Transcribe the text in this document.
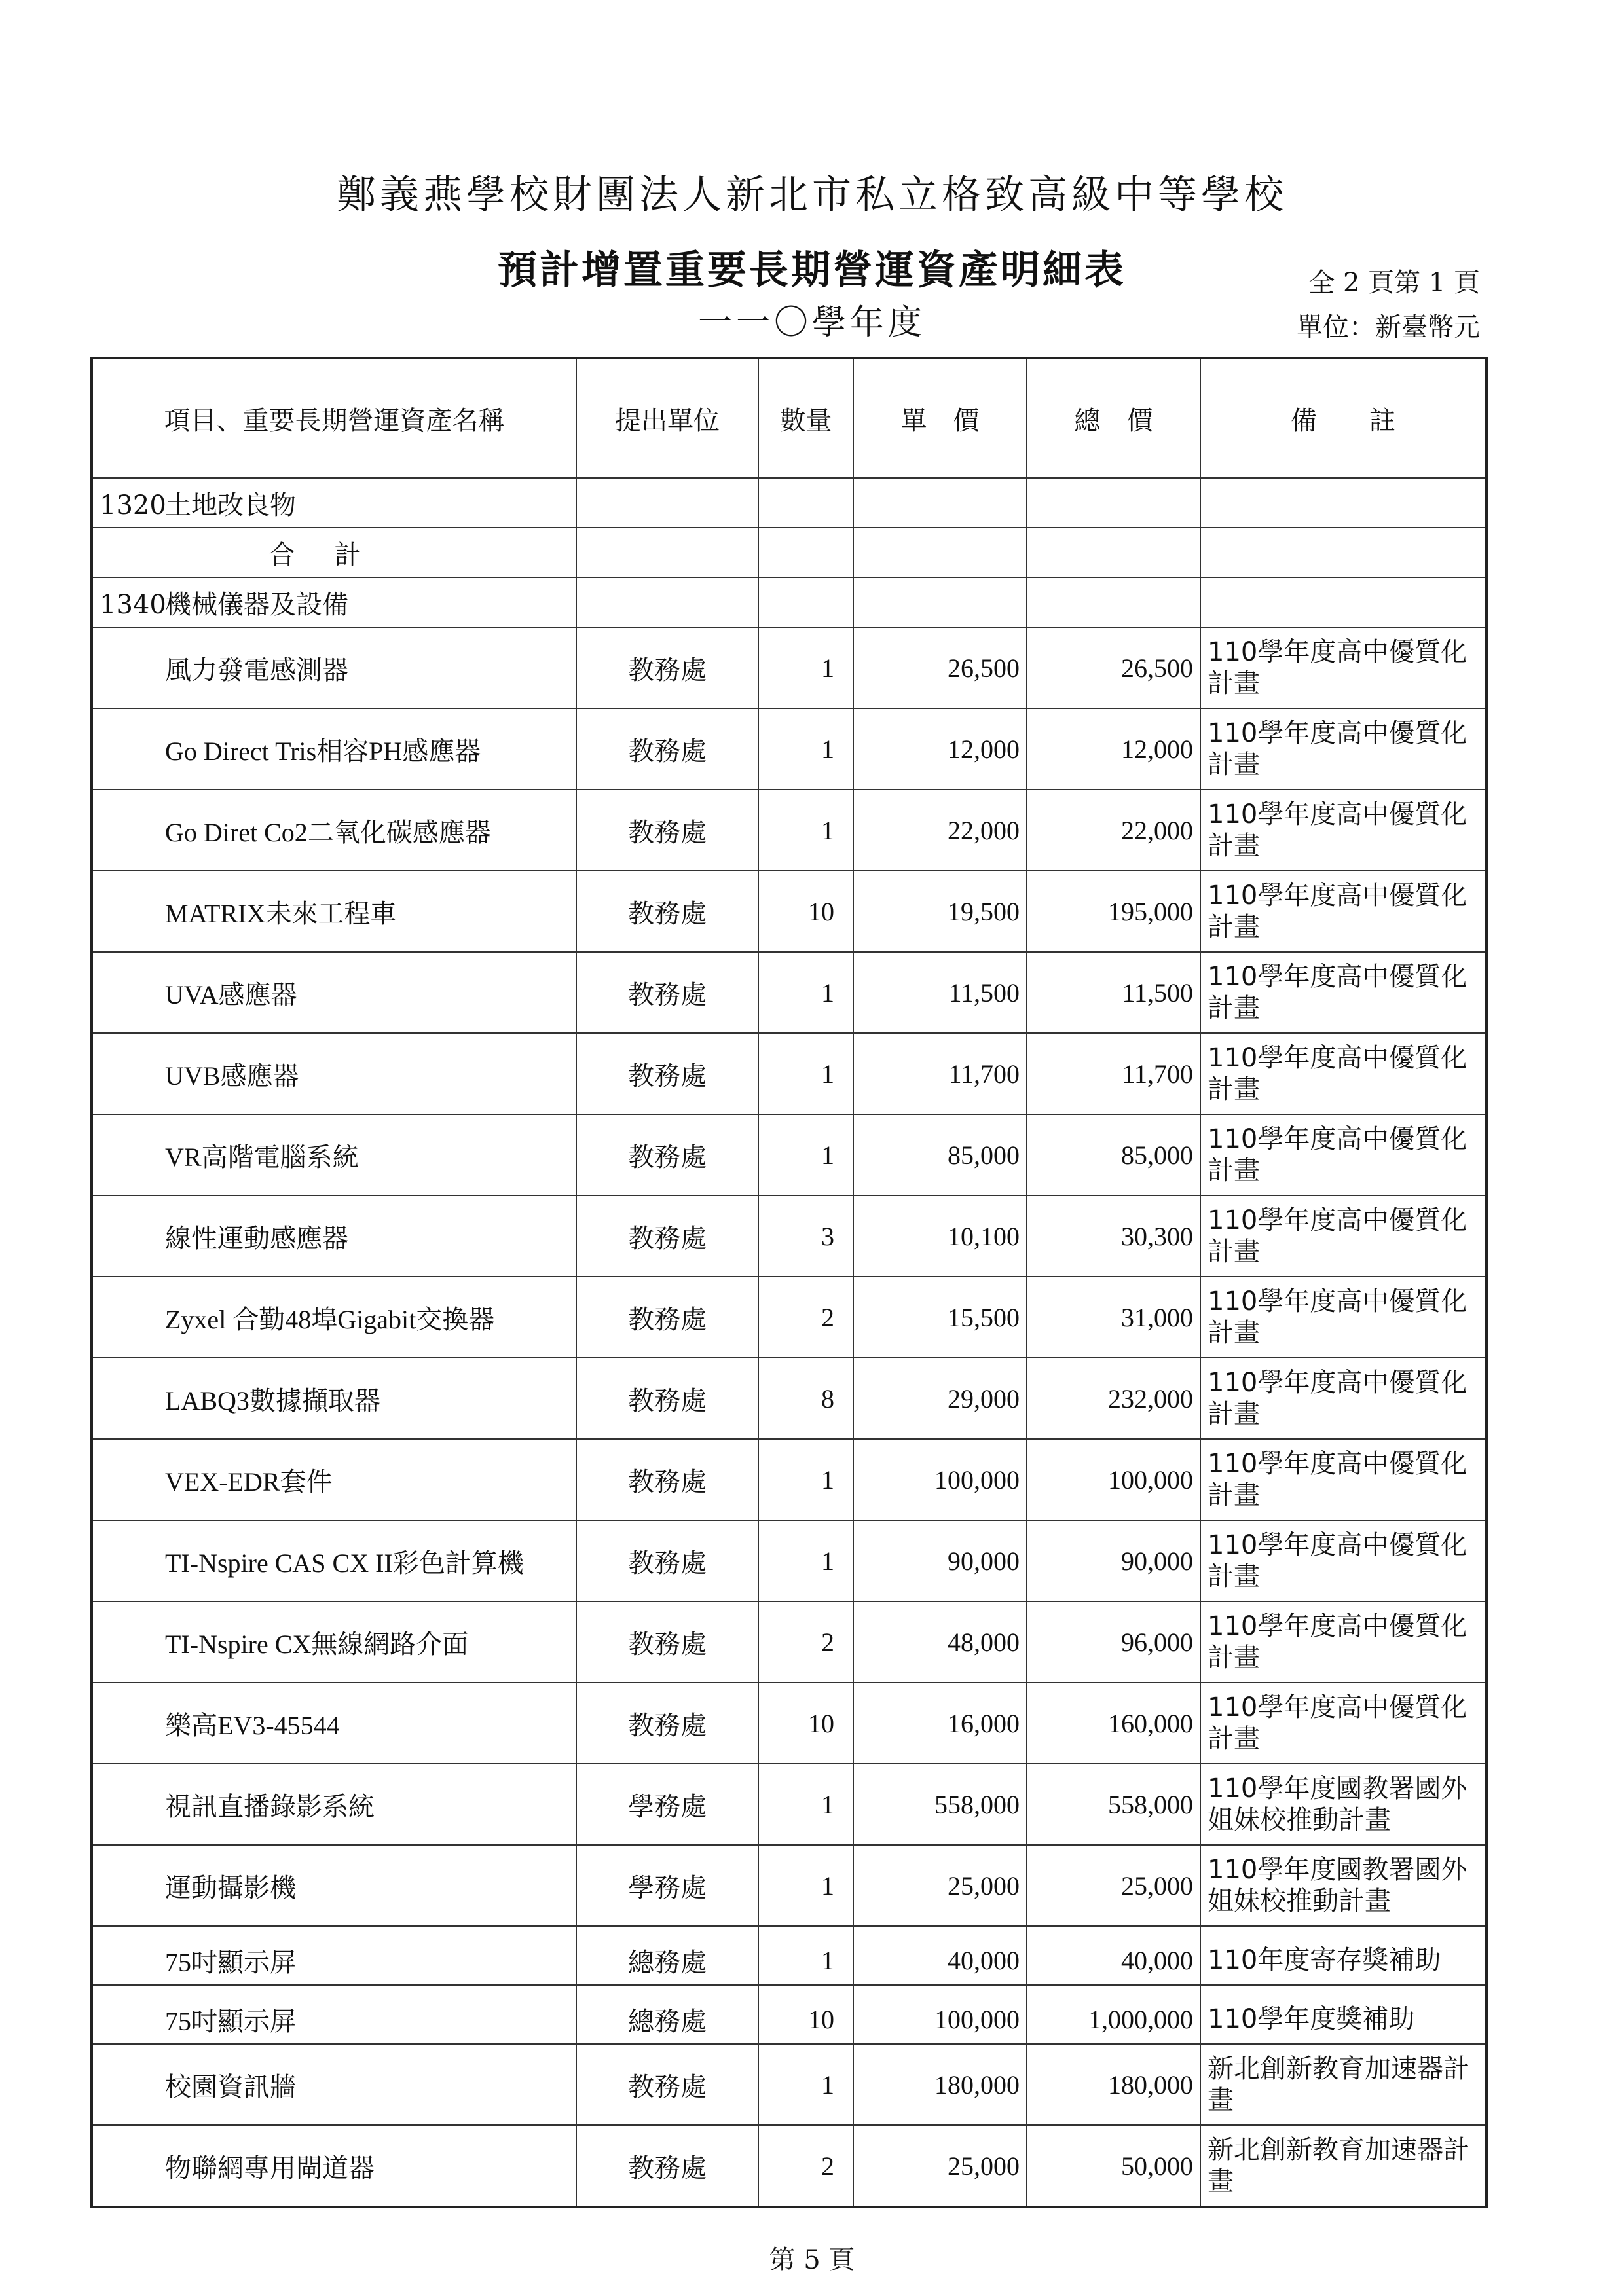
鄭義燕學校財團法人新北市私立格致高級中等學校
預計增置重要長期營運資產明細表
一一〇學年度
全 2 頁第 1 頁
單位：新臺幣元
項目、重要長期營運資產名稱	提出單位	數量	單　價	總　價	備　　註
1320土地改良物					
合計					
1340機械儀器及設備					
風力發電感測器	教務處	1	26,500	26,500	110學年度高中優質化計畫
Go Direct Tris相容PH感應器	教務處	1	12,000	12,000	110學年度高中優質化計畫
Go Diret Co2二氧化碳感應器	教務處	1	22,000	22,000	110學年度高中優質化計畫
MATRIX未來工程車	教務處	10	19,500	195,000	110學年度高中優質化計畫
UVA感應器	教務處	1	11,500	11,500	110學年度高中優質化計畫
UVB感應器	教務處	1	11,700	11,700	110學年度高中優質化計畫
VR高階電腦系統	教務處	1	85,000	85,000	110學年度高中優質化計畫
線性運動感應器	教務處	3	10,100	30,300	110學年度高中優質化計畫
Zyxel 合勤48埠Gigabit交換器	教務處	2	15,500	31,000	110學年度高中優質化計畫
LABQ3數據擷取器	教務處	8	29,000	232,000	110學年度高中優質化計畫
VEX-EDR套件	教務處	1	100,000	100,000	110學年度高中優質化計畫
TI-Nspire CAS CX II彩色計算機	教務處	1	90,000	90,000	110學年度高中優質化計畫
TI-Nspire CX無線網路介面	教務處	2	48,000	96,000	110學年度高中優質化計畫
樂高EV3-45544	教務處	10	16,000	160,000	110學年度高中優質化計畫
視訊直播錄影系統	學務處	1	558,000	558,000	110學年度國教署國外姐妹校推動計畫
運動攝影機	學務處	1	25,000	25,000	110學年度國教署國外姐妹校推動計畫
75吋顯示屏	總務處	1	40,000	40,000	110年度寄存獎補助
75吋顯示屏	總務處	10	100,000	1,000,000	110學年度獎補助
校園資訊牆	教務處	1	180,000	180,000	新北創新教育加速器計畫
物聯網專用閘道器	教務處	2	25,000	50,000	新北創新教育加速器計畫
第 5 頁
